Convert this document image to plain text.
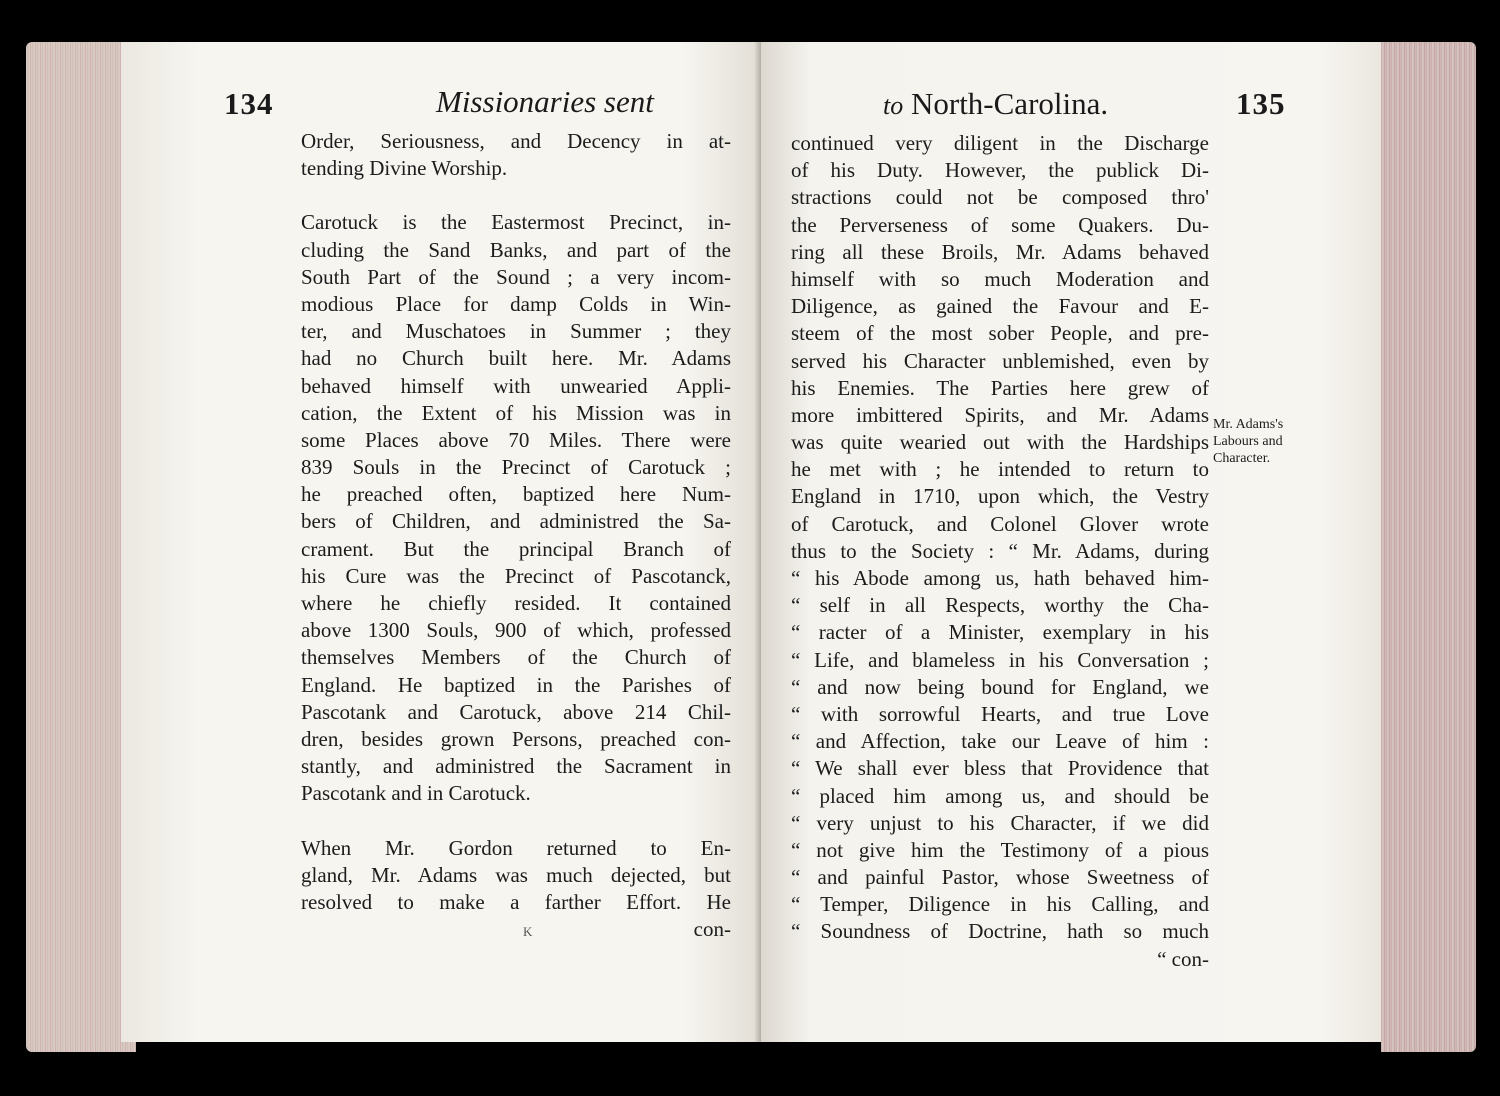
134	Missionaries sent
Order, Seriousness, and Decency in at-
tending Divine Worship.
Carotuck is the Eastermost Precinct, in-
cluding the Sand Banks, and part of the
South Part of the Sound ; a very incom-
modious Place for damp Colds in Win-
ter, and Muschatoes in Summer ; they
had no Church built here. Mr. Adams
behaved himself with unwearied Appli-
cation, the Extent of his Mission was in
some Places above 70 Miles. There were
839 Souls in the Precinct of Carotuck ;
he preached often, baptized here Num-
bers of Children, and administred the Sa-
crament. But the principal Branch of
his Cure was the Precinct of Pascotanck,
where he chiefly resided. It contained
above 1300 Souls, 900 of which, professed
themselves Members of the Church of
England. He baptized in the Parishes of
Pascotank and Carotuck, above 214 Chil-
dren, besides grown Persons, preached con-
stantly, and administred the Sacrament in
Pascotank and in Carotuck.
When Mr. Gordon returned to En-
gland, Mr. Adams was much dejected, but
resolved to make a farther Effort. He
con-
K
to North-Carolina.	135
continued very diligent in the Discharge
of his Duty. However, the publick Di-
stractions could not be composed thro'
the Perverseness of some Quakers. Du-
ring all these Broils, Mr. Adams behaved
himself with so much Moderation and
Diligence, as gained the Favour and E-
steem of the most sober People, and pre-
served his Character unblemished, even by
his Enemies. The Parties here grew of
more imbittered Spirits, and Mr. Adams
was quite wearied out with the Hardships
he met with ; he intended to return to
England in 1710, upon which, the Vestry
of Carotuck, and Colonel Glover wrote
thus to the Society : “ Mr. Adams, during
“ his Abode among us, hath behaved him-
“ self in all Respects, worthy the Cha-
“ racter of a Minister, exemplary in his
“ Life, and blameless in his Conversation ;
“ and now being bound for England, we
“ with sorrowful Hearts, and true Love
“ and Affection, take our Leave of him :
“ We shall ever bless that Providence that
“ placed him among us, and should be
“ very unjust to his Character, if we did
“ not give him the Testimony of a pious
“ and painful Pastor, whose Sweetness of
“ Temper, Diligence in his Calling, and
“ Soundness of Doctrine, hath so much
“ con-
Mr. Adams's
Labours and
Character.
